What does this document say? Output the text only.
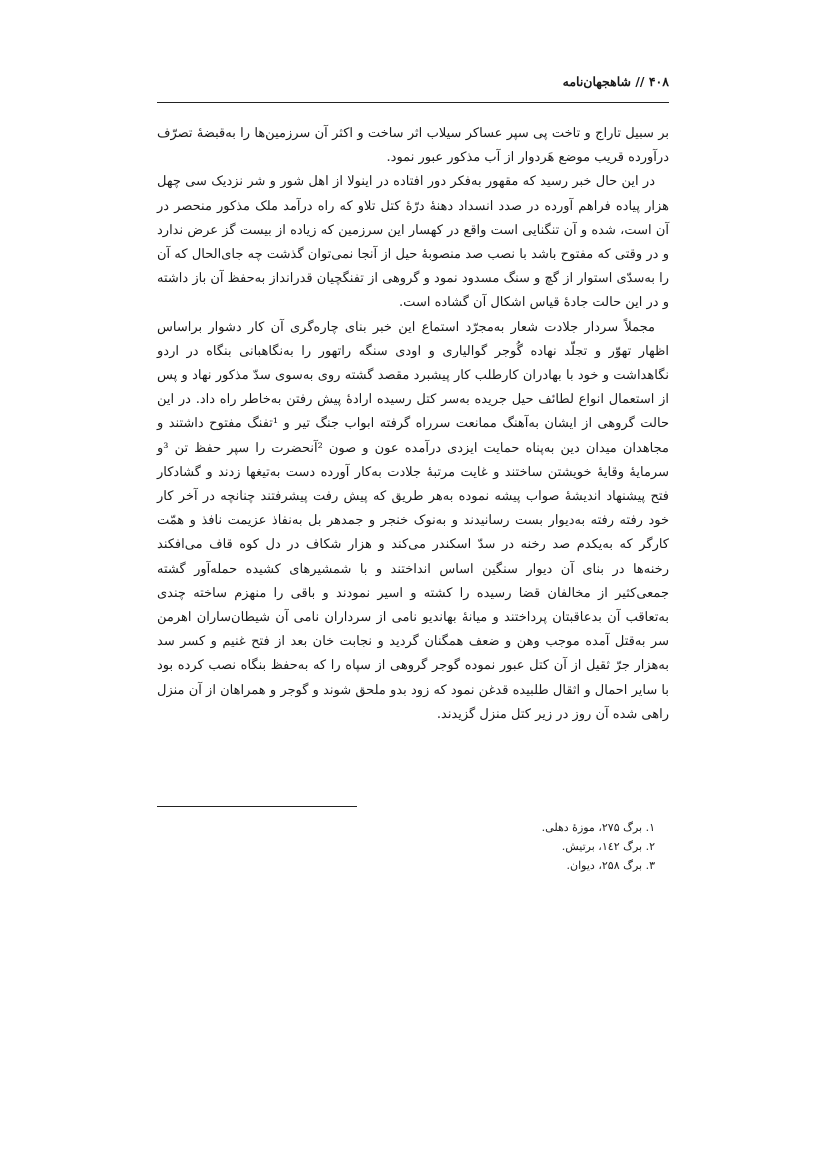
۴۰۸ // شاهجهان‌نامه

بر سبیل تاراج و تاخت پی سپر عساکر سیلاب اثر ساخت و اکثر آن سرزمین‌ها را به‌قبضهٔ تصرّف درآورده قریب موضع هَردوار از آب مذکور عبور نمود.

در این حال خبر رسید که مقهور به‌فکر دور افتاده در اینولا از اهل شور و شر نزدیک سی چهل هزار پیاده فراهم آورده در صدد انسداد دهنهٔ درّهٔ کتل تلاو که راه درآمد ملک مذکور منحصر در آن است، شده و آن تنگنایی است واقع در کهسار این سرزمین که زیاده از بیست گز عرض ندارد و در وقتی که مفتوح باشد با نصب صد منصوبهٔ حیل از آنجا نمی‌توان گذشت چه جای‌الحال که آن را به‌سدّی استوار از گچ و سنگ مسدود نمود و گروهی از تفنگچیان قدرانداز به‌حفظ آن باز داشته و در این حالت جادهٔ قیاس اشکال آن گشاده است.

مجملاً سردار جلادت شعار به‌مجرّد استماع این خبر بنای چاره‌گری آن کار دشوار براساس اظهار تهوّر و تجلّد نهاده گُوجر گوالیاری و اودی سنگه راتهور را به‌نگاهبانی بنگاه در اردو نگاهداشت و خود با بهادران کارطلب کار پیشبرد مقصد گشته روی به‌سوی سدّ مذکور نهاد و پس از استعمال انواع لطائف حیل جریده به‌سر کتل رسیده ارادهٔ پیش رفتن به‌خاطر راه داد. در این حالت گروهی از ایشان به‌آهنگ ممانعت سرراه گرفته ابواب جنگ تیر و ¹تفنگ مفتوح داشتند و مجاهدان میدان دین به‌پناه حمایت ایزدی درآمده عون و صون ²آنحضرت را سپر حفظ تن ³و سرمایهٔ وقایهٔ خویشتن ساختند و غایت مرتبهٔ جلادت به‌کار آورده دست به‌تیغها زدند و گشادکار فتح پیشنهاد اندیشهٔ صواب پیشه نموده به‌هر طریق که پیش رفت پیشرفتند چنانچه در آخر کار خود رفته رفته به‌دیوار بست رسانیدند و به‌نوک خنجر و جمدهر بل به‌نفاذ عزیمت نافذ و همّت کارگر که به‌یکدم صد رخنه در سدّ اسکندر می‌کند و هزار شکاف در دل کوه قاف می‌افکند رخنه‌ها در بنای آن دیوار سنگین اساس انداختند و با شمشیرهای کشیده حمله‌آور گشته جمعی‌کثیر از مخالفان قضا رسیده را کشته و اسیر نمودند و باقی را منهزم ساخته چندی به‌تعاقب آن بدعاقبتان پرداختند و میانهٔ بهاندیو نامی از سرداران نامی آن شیطان‌ساران اهرمن سر به‌قتل آمده موجب وهن و ضعف همگنان گردید و نجابت خان بعد از فتح غنیم و کسر سد به‌هزار جرّ ثقیل از آن کتل عبور نموده گوجر گروهی از سپاه را که به‌حفظ بنگاه نصب کرده بود با سایر احمال و اثقال طلبیده قدغن نمود که زود بدو ملحق شوند و گوجر و همراهان از آن منزل راهی شده آن روز در زیر کتل منزل گزیدند.

۱. برگ ۲۷۵، موزهٔ دهلی.
۲. برگ ۱٤۲، برتیش.
۳. برگ ۲۵۸، دیوان.
